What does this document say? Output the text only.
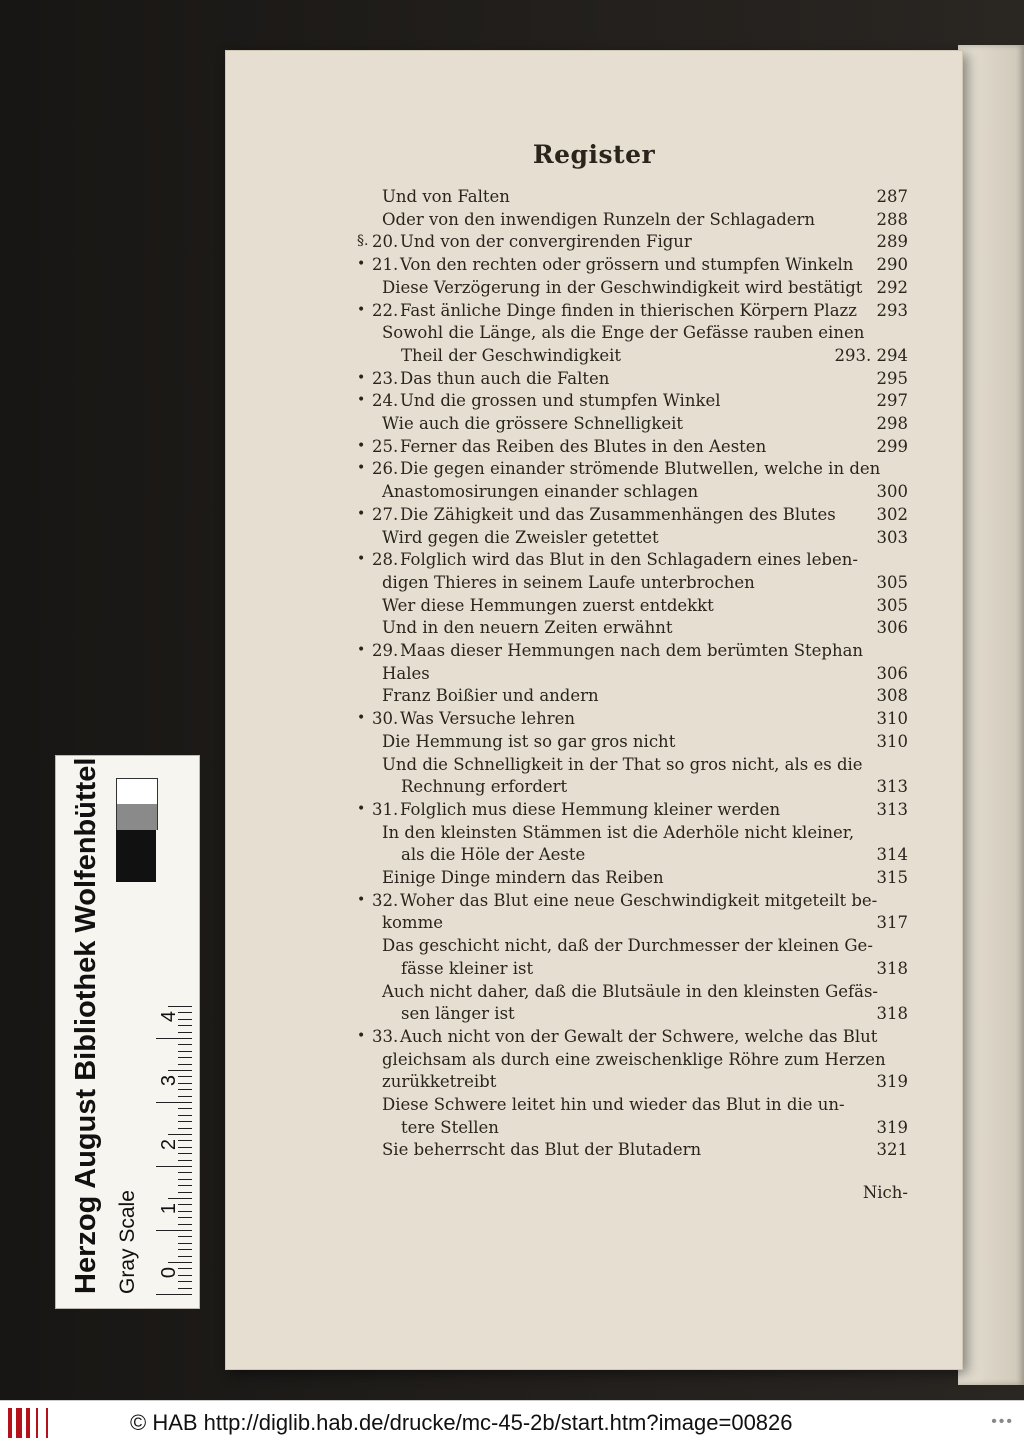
Register
Und von Falten	287
Oder von den inwendigen Runzeln der Schlagadern	288
§. 20. Und von der convergirenden Figur	289
• 21. Von den rechten oder grössern und stumpfen Winkeln 290
Diese Verzögerung in der Geschwindigkeit wird bestätigt 292
• 22. Fast änliche Dinge finden in thierischen Körpern Plazz 293
Sowohl die Länge, als die Enge der Gefässe rauben einen
Theil der Geschwindigkeit	293. 294
• 23. Das thun auch die Falten	295
• 24. Und die grossen und stumpfen Winkel	297
Wie auch die grössere Schnelligkeit	298
• 25. Ferner das Reiben des Blutes in den Aesten	299
• 26. Die gegen einander strömende Blutwellen, welche in den
Anastomosirungen einander schlagen	300
• 27. Die Zähigkeit und das Zusammenhängen des Blutes 302
Wird gegen die Zweisler getettet	303
• 28. Folglich wird das Blut in den Schlagadern eines leben-
digen Thieres in seinem Laufe unterbrochen	305
Wer diese Hemmungen zuerst entdekkt	305
Und in den neuern Zeiten erwähnt	306
• 29. Maas dieser Hemmungen nach dem berümten Stephan
Hales	306
Franz Boißier und andern	308
• 30. Was Versuche lehren	310
Die Hemmung ist so gar gros nicht	310
Und die Schnelligkeit in der That so gros nicht, als es die
Rechnung erfordert	313
• 31. Folglich mus diese Hemmung kleiner werden	313
In den kleinsten Stämmen ist die Aderhöle nicht kleiner,
als die Höle der Aeste	314
Einige Dinge mindern das Reiben	315
• 32. Woher das Blut eine neue Geschwindigkeit mitgeteilt be-
komme	317
Das geschicht nicht, daß der Durchmesser der kleinen Ge-
fässe kleiner ist	318
Auch nicht daher, daß die Blutsäule in den kleinsten Gefäs-
sen länger ist	318
• 33. Auch nicht von der Gewalt der Schwere, welche das Blut
gleichsam als durch eine zweischenklige Röhre zum Herzen
zurükketreibt	319
Diese Schwere leitet hin und wieder das Blut in die un-
tere Stellen	319
Sie beherrscht das Blut der Blutadern	321
Nich-
Herzog August Bibliothek Wolfenbüttel Gray Scale 0
1
2
3
4
© HAB http://diglib.hab.de/drucke/mc-45-2b/start.htm?image=00826	•••
